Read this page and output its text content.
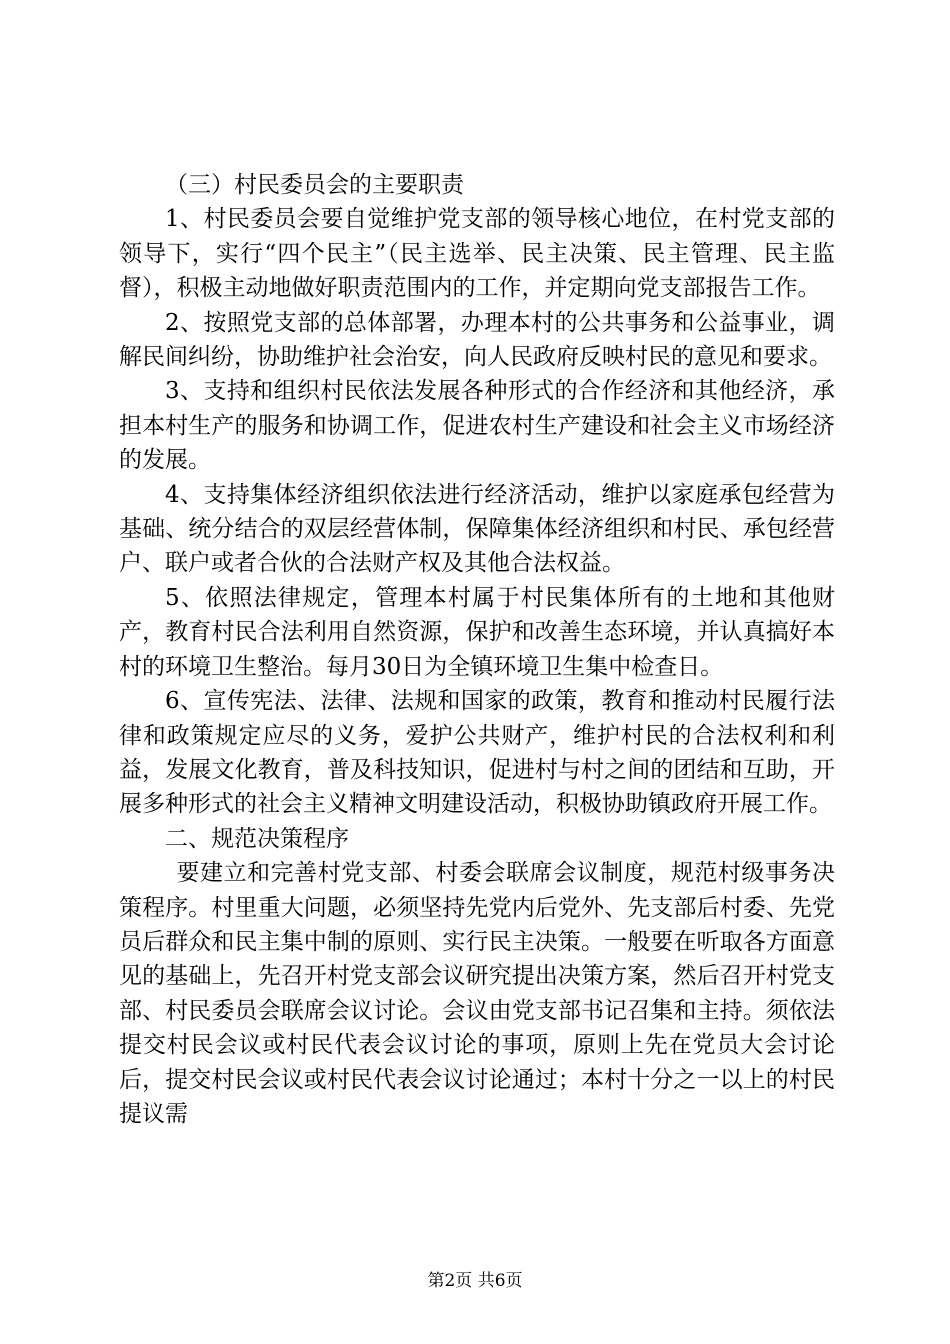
（三）村民委员会的主要职责

1、村民委员会要自觉维护党支部的领导核心地位，在村党支部的领导下，实行“四个民主”（民主选举、民主决策、民主管理、民主监督），积极主动地做好职责范围内的工作，并定期向党支部报告工作。

2、按照党支部的总体部署，办理本村的公共事务和公益事业，调解民间纠纷，协助维护社会治安，向人民政府反映村民的意见和要求。

3、支持和组织村民依法发展各种形式的合作经济和其他经济，承担本村生产的服务和协调工作，促进农村生产建设和社会主义市场经济的发展。

4、支持集体经济组织依法进行经济活动，维护以家庭承包经营为基础、统分结合的双层经营体制，保障集体经济组织和村民、承包经营户、联户或者合伙的合法财产权及其他合法权益。

5、依照法律规定，管理本村属于村民集体所有的土地和其他财产，教育村民合法利用自然资源，保护和改善生态环境，并认真搞好本村的环境卫生整治。每月30日为全镇环境卫生集中检查日。

6、宣传宪法、法律、法规和国家的政策，教育和推动村民履行法律和政策规定应尽的义务，爱护公共财产，维护村民的合法权利和利益，发展文化教育，普及科技知识，促进村与村之间的团结和互助，开展多种形式的社会主义精神文明建设活动，积极协助镇政府开展工作。

二、规范决策程序

要建立和完善村党支部、村委会联席会议制度，规范村级事务决策程序。村里重大问题，必须坚持先党内后党外、先支部后村委、先党员后群众和民主集中制的原则、实行民主决策。一般要在听取各方面意见的基础上，先召开村党支部会议研究提出决策方案，然后召开村党支部、村民委员会联席会议讨论。会议由党支部书记召集和主持。须依法提交村民会议或村民代表会议讨论的事项，原则上先在党员大会讨论后，提交村民会议或村民代表会议讨论通过；本村十分之一以上的村民提议需

第2页 共6页
